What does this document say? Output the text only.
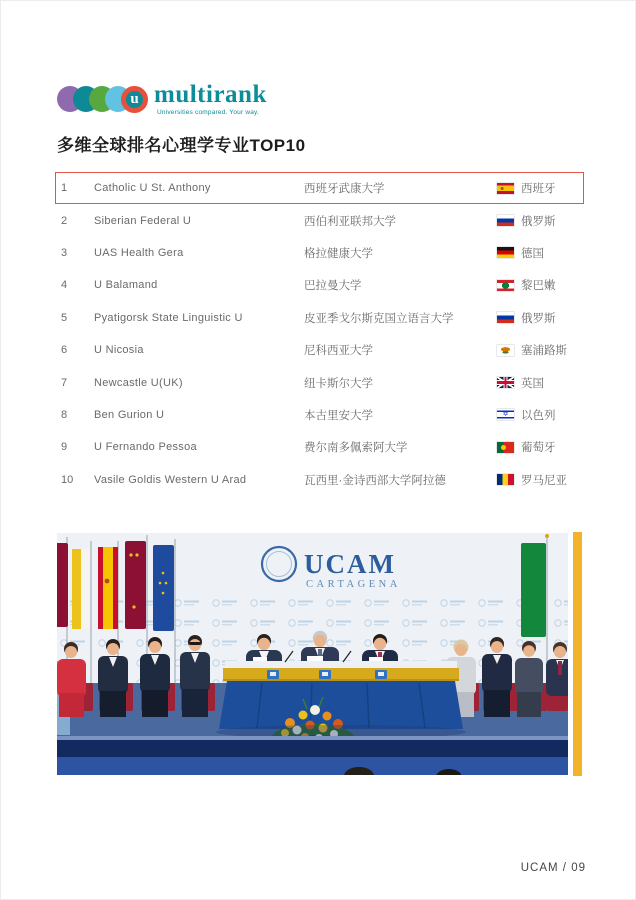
u multirank
Universities compared. Your way.
多维全球排名心理学专业TOP10
1	Catholic U St. Anthony	西班牙武康大学	西班牙
2	Siberian Federal U	西伯利亚联邦大学	俄罗斯
3	UAS Health Gera	格拉健康大学	德国
4	U Balamand	巴拉曼大学	黎巴嫩
5	Pyatigorsk State Linguistic U	皮亚季戈尔斯克国立语言大学	俄罗斯
6	U Nicosia	尼科西亚大学	塞浦路斯
7	Newcastle U(UK)	纽卡斯尔大学	英国
8	Ben Gurion U	本古里安大学 ✡	以色列
9	U Fernando Pessoa	费尔南多佩索阿大学	葡萄牙
10	Vasile Goldis Western U Arad	瓦西里·金诗西部大学阿拉德	罗马尼亚
UCAM
CARTAGENA
UCAM / 09
